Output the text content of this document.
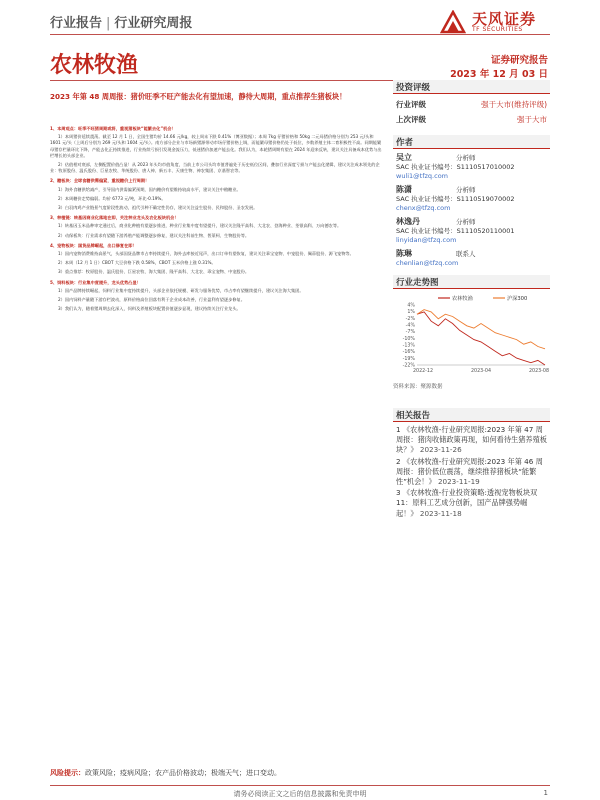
行业报告 | 行业研究周报	天风证券
TF SECURITIES
农林牧渔	证券研究报告
2023 年 12 月 03 日
2023 年第 48 周周报：猪价旺季不旺产能去化有望加速，静待大周期，重点推荐生猪板块！
1、本周观点：旺季不旺猪周期或将，重视猪板块“能繁去化”机会！
1）本周猪价延续震荡。截至 12 月 1 日，全国生猪均价 14.66 元/kg，较上周末下跌 0.41%（博亚数据）；本周 7kg 仔猪价格和 50kg 二元母猪价格分别为 253 元/头和 1601 元/头（上周后分别为 269 元/头和 1604 元/头）。南方部分企业与市场新猪源带动市场仔猪价格上调，而能繁母猪价格仍处于低位，多数养殖主体二育积极性不高。同期能繁母猪存栏量环比下降，产能去化正持续推进，行业持续亏损引发现金流压力，低迷猪价加速产能去化。我们认为，本轮猪周期有望在 2024 年迎来反转，建议关注具备成本优势与出栏增长的头部企业。
2）估值相对底部，左侧配置价值凸显！从 2023 年头均市值角度，当前上市公司头均市值普遍处于历史低位区间，叠加行业深度亏损与产能去化逻辑，建议关注成本领先的企业：牧原股份、温氏股份、巨星农牧、华统股份、唐人神、新五丰、天康生物、神农集团、京基智农等。
2、糖板块：全球食糖供需偏紧，重视糖价上行周期！
1）海外食糖供给减产，引导国内供需偏紧预期，国内糖价有望维持较高水平，建议关注中粮糖业。
2）本周糖价走势偏弱。均价 6773 元/吨，环比-0.19%。
3）白羽肉鸡产业链景气度阶段性波动，祖代引种不确定性仍存，建议关注益生股份、民和股份、圣农发展。
3、种植链：转基因商业化落地在即，关注种业龙头及农化板块机会！
1）转基因玉米品种审定通过后，商业化种植有望逐步推进，种业行业集中度有望提升，建议关注隆平高科、大北农、登海种业、荃银高科、万向德农等。
2）动保板块：行业需求有望随下游养殖产能调整逐步修复，建议关注科前生物、普莱柯、生物股份等。
4、宠物板块：国货品牌崛起，出口修复在即！
1）国内宠物消费维持高景气，头部国货品牌市占率持续提升，海外去库接近尾声，出口订单有望恢复，建议关注乖宝宠物、中宠股份、佩蒂股份、源飞宠物等。
2）本周（12 月 1 日）CBOT 大豆价格下跌 0.58%，CBOT 玉米价格上涨 0.31%。
3）重点推荐：牧原股份、温氏股份、巨星农牧、海大集团、隆平高科、大北农、乖宝宠物、中宠股份。
5、饲料板块：行业集中度提升，龙头优势凸显！
1）国产品牌持续崛起，饲料行业集中度持续提升，头部企业依托规模、研发与服务优势，市占率有望继续提升，建议关注海大集团。
2）国内饲料产量随下游存栏波动，原料价格高位回落有利于企业成本改善，行业盈利有望逐步修复。
3）我们认为，随着猪周期去化深入，饲料及养殖板块配置价值逐步显现，建议持续关注行业龙头。
风险提示：政策风险；疫病风险；农产品价格波动；极端天气；进口变动。
请务必阅读正文之后的信息披露和免责申明	1
投资评级
行业评级	强于大市(维持评级)
上次评级	强于大市
作者
吴立	分析师
SAC 执业证书编号：S1110517010002
wuli1@tfzq.com
陈潇	分析师
SAC 执业证书编号：S1110519070002
chenx@tfzq.com
林逸丹	分析师
SAC 执业证书编号：S1110520110001
linyidan@tfzq.com
陈琳	联系人
chenlian@tfzq.com
行业走势图
4%
1%
-2%
-4%
-7%
-10%
-13%
-16%
-19%
-22%
2022-12	2023-04	2023-08
农林牧渔	沪深300
资料来源：聚源数据
相关报告
1 《农林牧渔-行业研究周报:2023 年第 47 周周报：猪肉收储政策再现，如何看待生猪养殖板块？》 2023-11-26
2 《农林牧渔-行业研究周报:2023 年第 46 周周报：猪价低位震荡，继续推荐猪板块“能繁性”机会！》 2023-11-19
3 《农林牧渔-行业投资策略:透视宠物板块双 11：原料工艺成分创新，国产品牌强势崛起！》 2023-11-18
